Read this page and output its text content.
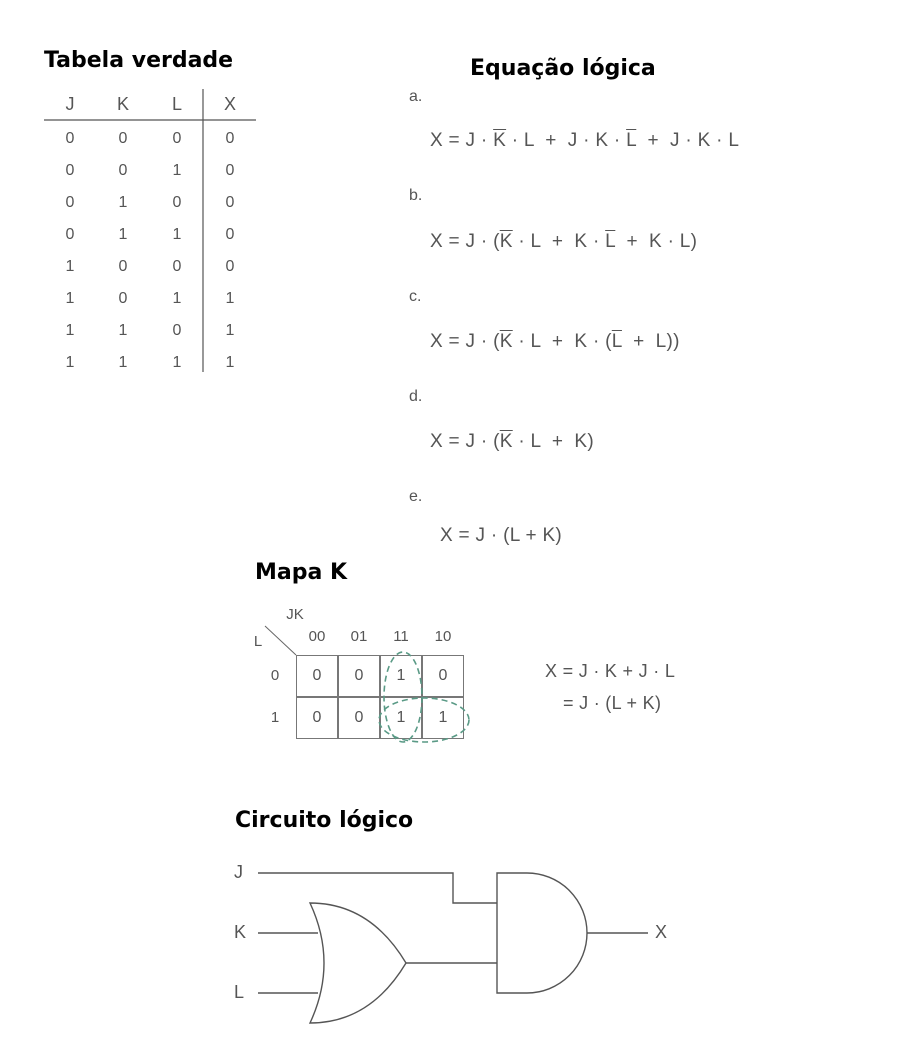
Tabela verdade
J	K	L	X
0	0	0	0
0	0	1	0
0	1	0	0
0	1	1	0
1	0	0	0
1	0	1	1
1	1	0	1
1	1	1	1
Equação lógica
a.
$X = J \cdot \overline{K} \cdot L + J \cdot K \cdot \overline{L} + J \cdot K \cdot L$
b.
$X = J \cdot (\overline{K} \cdot L + K \cdot \overline{L} + K \cdot L)$
c.
$X = J \cdot (\overline{K} \cdot L + K \cdot (\overline{L} + L))$
d.
$X = J \cdot (\overline{K} \cdot L + K)$
e.
X = J · (L + K)
Mapa K
JK
L	00	01	11	10
0
1
0	0	1	0
0	0	1	1
X = J · K + J · L
= J · (L + K)
Circuito lógico
J
K
L
X
